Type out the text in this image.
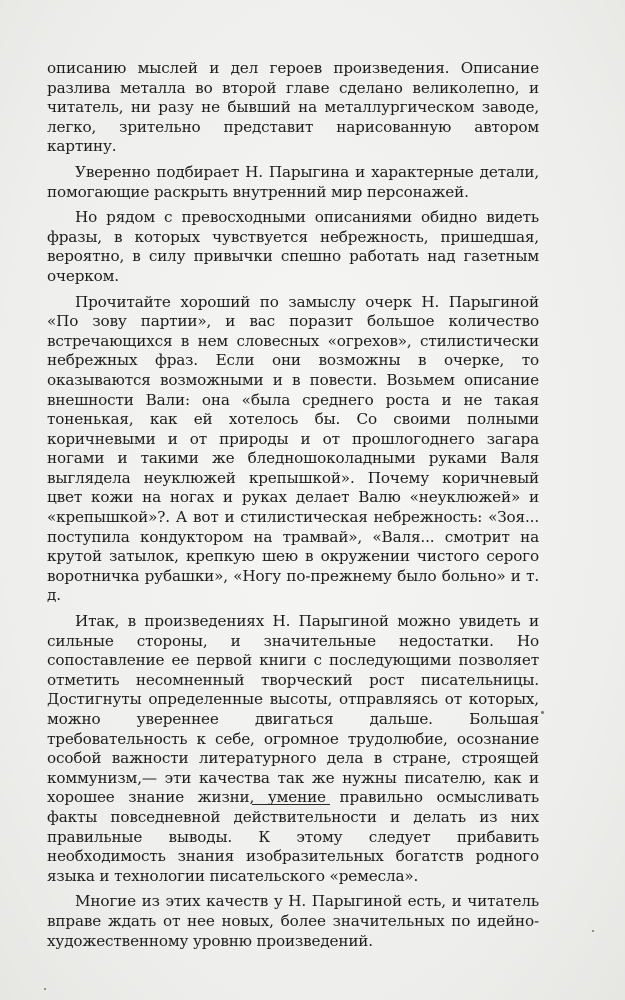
описанию мыслей и дел героев произведения. Описание разлива металла во второй главе сделано великолепно, и читатель, ни разу не бывший на металлургическом заводе, легко, зрительно представит нарисованную автором картину.

Уверенно подбирает Н. Парыгина и характерные детали, помогающие раскрыть внутренний мир персонажей.

Но рядом с превосходными описаниями обидно видеть фразы, в которых чувствуется небрежность, пришедшая, вероятно, в силу привычки спешно работать над газетным очерком.

Прочитайте хороший по замыслу очерк Н. Парыгиной «По зову партии», и вас поразит большое количество встречающихся в нем словесных «огрехов», стилистически небрежных фраз. Если они возможны в очерке, то оказываются возможными и в повести. Возьмем описание внешности Вали: она «была среднего роста и не такая тоненькая, как ей хотелось бы. Со своими полными коричневыми и от природы и от прошлогоднего загара ногами и такими же бледношоколадными руками Валя выглядела неуклюжей крепышкой». Почему коричневый цвет кожи на ногах и руках делает Валю «неуклюжей» и «крепышкой»?. А вот и стилистическая небрежность: «Зоя... поступила кондуктором на трамвай», «Валя... смотрит на крутой затылок, крепкую шею в окружении чистого серого воротничка рубашки», «Ногу по-прежнему было больно» и т. д.

Итак, в произведениях Н. Парыгиной можно увидеть и сильные стороны, и значительные недостатки. Но сопоставление ее первой книги с последующими позволяет отметить несомненный творческий рост писательницы. Достигнуты определенные высоты, отправляясь от которых, можно увереннее двигаться дальше. Большая требовательность к себе, огромное трудолюбие, осознание особой важности литературного дела в стране, строящей коммунизм,— эти качества так же нужны писателю, как и хорошее знание жизни, умение правильно осмысливать факты повседневной действительности и делать из них правильные выводы. К этому следует прибавить необходимость знания изобразительных богатств родного языка и технологии писательского «ремесла».

Многие из этих качеств у Н. Парыгиной есть, и читатель вправе ждать от нее новых, более значительных по идейно-художественному уровню произведений.
